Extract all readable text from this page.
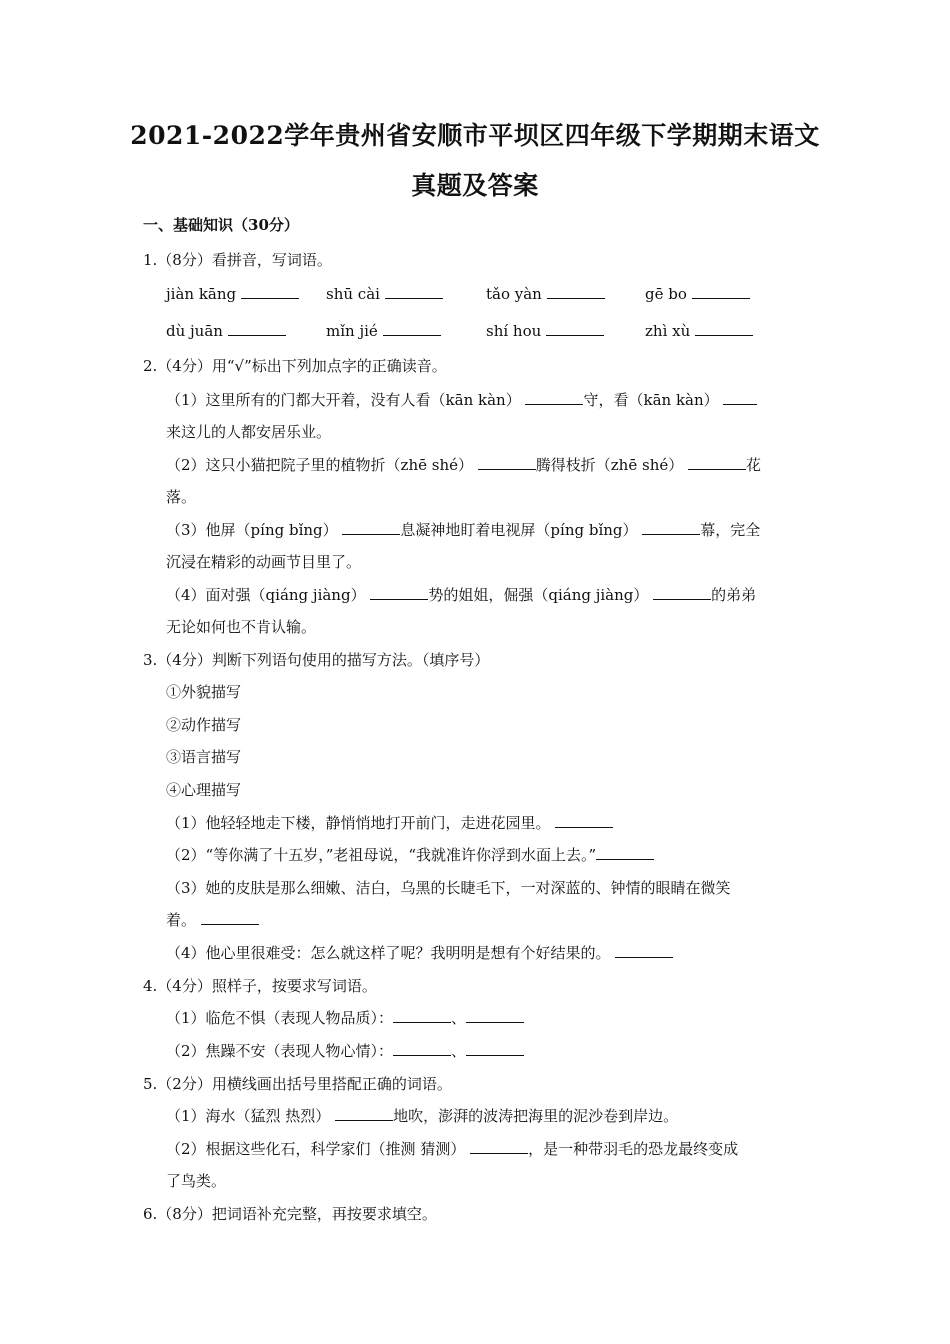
2021-2022学年贵州省安顺市平坝区四年级下学期期末语文
真题及答案
一、基础知识（30分）
1.（8分）看拼音，写词语。
jiàn kāng	shū cài	tǎo yàn	gē bo
dù juān	mǐn jié	shí hou	zhì xù
2.（4分）用“√”标出下列加点字的正确读音。
（1）这里所有的门都大开着，没有人看（kān kàn）	守，看（kān kàn）
来这儿的人都安居乐业。
（2）这只小猫把院子里的植物折（zhē shé）	腾得枝折（zhē shé）	花
落。
（3）他屏（píng bǐng）	息凝神地盯着电视屏（píng bǐng）	幕，完全
沉浸在精彩的动画节目里了。
（4）面对强（qiáng jiàng）	势的姐姐，倔强（qiáng jiàng）	的弟弟
无论如何也不肯认输。
3.（4分）判断下列语句使用的描写方法。（填序号）
①外貌描写
②动作描写
③语言描写
④心理描写
（1）他轻轻地走下楼，静悄悄地打开前门，走进花园里。
（2）“等你满了十五岁，”老祖母说，“我就准许你浮到水面上去。”
（3）她的皮肤是那么细嫩、洁白，乌黑的长睫毛下，一对深蓝的、钟情的眼睛在微笑
着。
（4）他心里很难受：怎么就这样了呢？我明明是想有个好结果的。
4.（4分）照样子，按要求写词语。
（1）临危不惧（表现人物品质）：	、
（2）焦躁不安（表现人物心情）：	、
5.（2分）用横线画出括号里搭配正确的词语。
（1）海水（猛烈 热烈）	地吹，澎湃的波涛把海里的泥沙卷到岸边。
（2）根据这些化石，科学家们（推测 猜测）	，是一种带羽毛的恐龙最终变成
了鸟类。
6.（8分）把词语补充完整，再按要求填空。
